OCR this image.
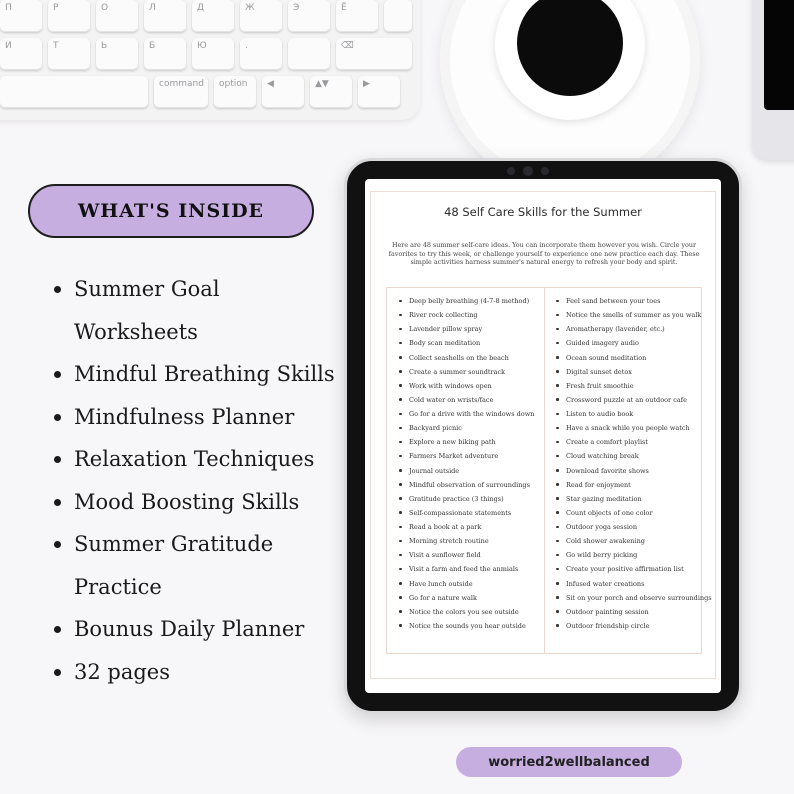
П	Р	О	Л	Д	Ж	Э	Ё
И	Т	Ь	Б	Ю	.	⌫
command	option	◀	▲▼	▶
WHAT'S INSIDE
Summer Goal Worksheets
Mindful Breathing Skills
Mindfulness Planner
Relaxation Techniques
Mood Boosting Skills
Summer Gratitude Practice
Bounus Daily Planner
32 pages
48 Self Care Skills for the Summer
Here are 48 summer self-care ideas. You can incorporate them however you wish. Circle your favorites to try this week, or challenge yourself to experience one new practice each day. These simple activities harness summer's natural energy to refresh your body and spirit.
Deep belly breathing (4-7-8 method)
River rock collecting
Lavender pillow spray
Body scan meditation
Collect seashells on the beach
Create a summer soundtrack
Work with windows open
Cold water on wrists/face
Go for a drive with the windows down
Backyard picnic
Explore a new biking path
Farmers Market adventure
Journal outside
Mindful observation of surroundings
Gratitude practice (3 things)
Self-compassionate statements
Read a book at a park
Morning stretch routine
Visit a sunflower field
Visit a farm and feed the anmials
Have lunch outside
Go for a nature walk
Notice the colors you see outside
Notice the sounds you hear outside
Feel sand between your toes
Notice the smells of summer as you walk
Aromatherapy (lavender, etc.)
Guided imagery audio
Ocean sound meditation
Digital sunset detox
Fresh fruit smoothie
Crossword puzzle at an outdoor cafe
Listen to audio book
Have a snack while you people watch
Create a comfort playlist
Cloud watching break
Download favorite shows
Read for enjoyment
Star gazing meditation
Count objects of one color
Outdoor yoga session
Cold shower awakening
Go wild berry picking
Create your positive affirmation list
Infused water creations
Sit on your porch and observe surroundings
Outdoor painting session
Outdoor friendship circle
worried2wellbalanced
